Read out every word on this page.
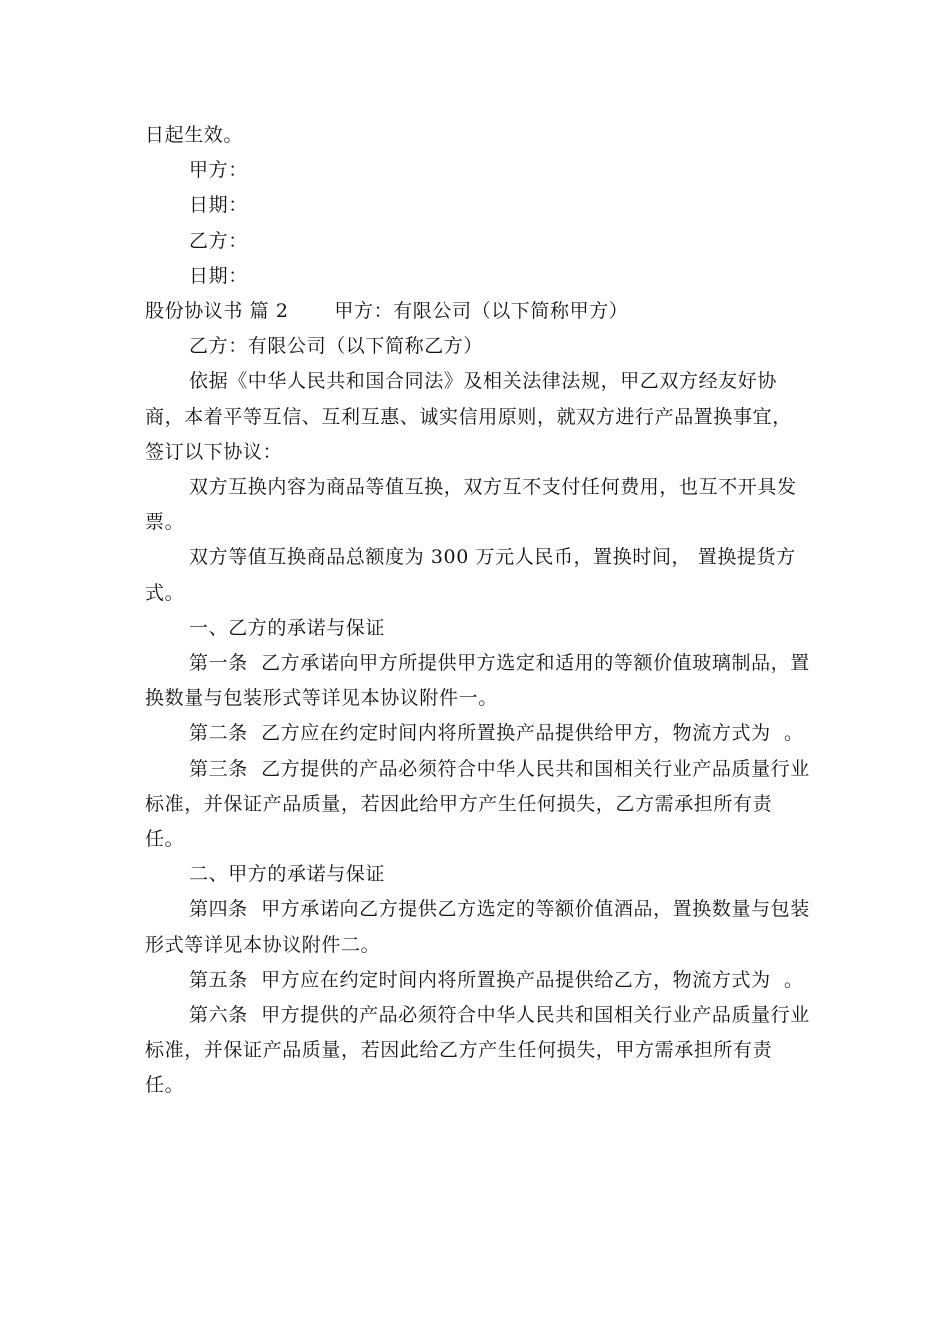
日起生效。

甲方：

日期：

乙方：

日期：

股份协议书 篇 2　　 甲方：有限公司（以下简称甲方）

乙方：有限公司（以下简称乙方）

依据《中华人民共和国合同法》及相关法律法规，甲乙双方经友好协商，本着平等互信、互利互惠、诚实信用原则，就双方进行产品置换事宜，签订以下协议：

双方互换内容为商品等值互换，双方互不支付任何费用，也互不开具发票。

双方等值互换商品总额度为 300 万元人民币，置换时间， 置换提货方式。

一、乙方的承诺与保证

第一条  乙方承诺向甲方所提供甲方选定和适用的等额价值玻璃制品，置换数量与包装形式等详见本协议附件一。

第二条  乙方应在约定时间内将所置换产品提供给甲方，物流方式为  。

第三条  乙方提供的产品必须符合中华人民共和国相关行业产品质量行业标准，并保证产品质量，若因此给甲方产生任何损失，乙方需承担所有责任。

二、甲方的承诺与保证

第四条  甲方承诺向乙方提供乙方选定的等额价值酒品，置换数量与包装形式等详见本协议附件二。

第五条  甲方应在约定时间内将所置换产品提供给乙方，物流方式为  。

第六条  甲方提供的产品必须符合中华人民共和国相关行业产品质量行业标准，并保证产品质量，若因此给乙方产生任何损失，甲方需承担所有责任。
